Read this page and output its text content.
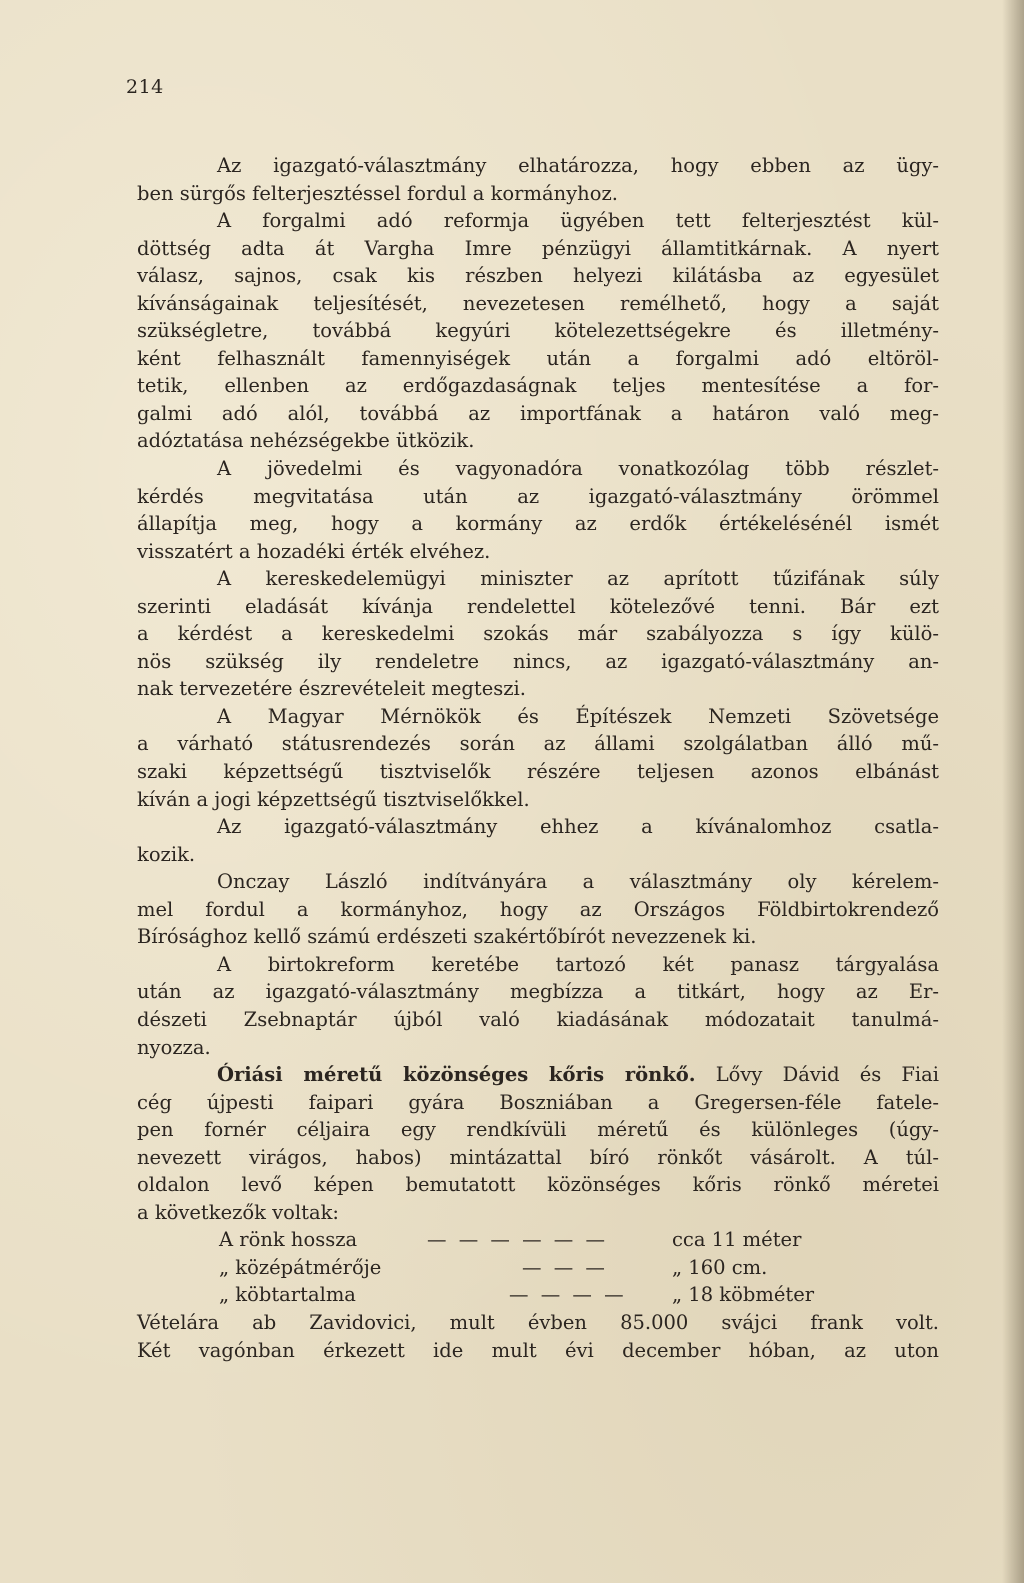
214
Az igazgató-választmány elhatározza, hogy ebben az ügy-
ben sürgős felterjesztéssel fordul a kormányhoz.
A forgalmi adó reformja ügyében tett felterjesztést kül-
döttség adta át Vargha Imre pénzügyi államtitkárnak. A nyert
válasz, sajnos, csak kis részben helyezi kilátásba az egyesület
kívánságainak teljesítését, nevezetesen remélhető, hogy a saját
szükségletre, továbbá kegyúri kötelezettségekre és illetmény-
ként felhasznált famennyiségek után a forgalmi adó eltöröl-
tetik, ellenben az erdőgazdaságnak teljes mentesítése a for-
galmi adó alól, továbbá az importfának a határon való meg-
adóztatása nehézségekbe ütközik.
A jövedelmi és vagyonadóra vonatkozólag több részlet-
kérdés megvitatása után az igazgató-választmány örömmel
állapítja meg, hogy a kormány az erdők értékelésénél ismét
visszatért a hozadéki érték elvéhez.
A kereskedelemügyi miniszter az aprított tűzifának súly
szerinti eladását kívánja rendelettel kötelezővé tenni. Bár ezt
a kérdést a kereskedelmi szokás már szabályozza s így külö-
nös szükség ily rendeletre nincs, az igazgató-választmány an-
nak tervezetére észrevételeit megteszi.
A Magyar Mérnökök és Építészek Nemzeti Szövetsége
a várható státusrendezés során az állami szolgálatban álló mű-
szaki képzettségű tisztviselők részére teljesen azonos elbánást
kíván a jogi képzettségű tisztviselőkkel.
Az igazgató-választmány ehhez a kívánalomhoz csatla-
kozik.
Onczay László indítványára a választmány oly kérelem-
mel fordul a kormányhoz, hogy az Országos Földbirtokrendező
Bírósághoz kellő számú erdészeti szakértőbírót nevezzenek ki.
A birtokreform keretébe tartozó két panasz tárgyalása
után az igazgató-választmány megbízza a titkárt, hogy az Er-
dészeti Zsebnaptár újból való kiadásának módozatait tanulmá-
nyozza.
Óriási méretű közönséges kőris rönkő. Lővy Dávid és Fiai
cég újpesti faipari gyára Boszniában a Gregersen-féle fatele-
pen fornér céljaira egy rendkívüli méretű és különleges (úgy-
nevezett virágos, habos) mintázattal bíró rönkőt vásárolt. A túl-
oldalon levő képen bemutatott közönséges kőris rönkő méretei
a következők voltak:
A rönk hossza	— — — — — —	cca 11 méter
„ középátmérője	— — —	„ 160 cm.
„ köbtartalma	— — — — „ 18 köbméter
Vételára ab Zavidovici, mult évben 85.000 svájci frank volt.
Két vagónban érkezett ide mult évi december hóban, az uton
